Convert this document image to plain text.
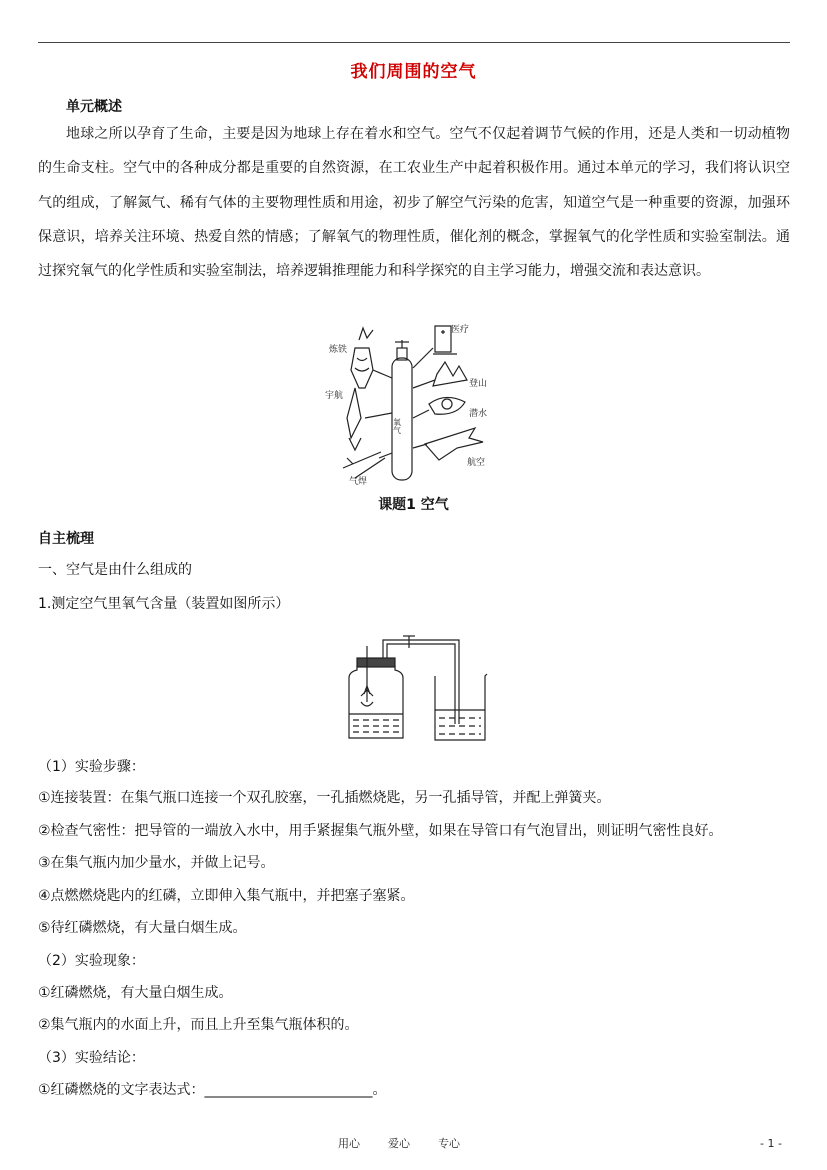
我们周围的空气
单元概述
地球之所以孕育了生命，主要是因为地球上存在着水和空气。空气不仅起着调节气候的作用，还是人类和一切动植物的生命支柱。空气中的各种成分都是重要的自然资源，在工农业生产中起着积极作用。通过本单元的学习，我们将认识空气的组成，了解氮气、稀有气体的主要物理性质和用途，初步了解空气污染的危害，知道空气是一种重要的资源，加强环保意识，培养关注环境、热爱自然的情感；了解氧气的物理性质，催化剂的概念，掌握氧气的化学性质和实验室制法。通过探究氧气的化学性质和实验室制法，培养逻辑推理能力和科学探究的自主学习能力，增强交流和表达意识。
炼铁
医疗
登山
宇航
潜水
航空
气焊
氧气
课题1 空气
自主梳理
一、空气是由什么组成的
1.测定空气里氧气含量（装置如图所示）
（1）实验步骤：
①连接装置：在集气瓶口连接一个双孔胶塞，一孔插燃烧匙，另一孔插导管，并配上弹簧夹。
②检查气密性：把导管的一端放入水中，用手紧握集气瓶外壁，如果在导管口有气泡冒出，则证明气密性良好。
③在集气瓶内加少量水，并做上记号。
④点燃燃烧匙内的红磷，立即伸入集气瓶中，并把塞子塞紧。
⑤待红磷燃烧，有大量白烟生成。
（2）实验现象：
①红磷燃烧，有大量白烟生成。
②集气瓶内的水面上升，而且上升至集气瓶体积的。
（3）实验结论：
①红磷燃烧的文字表达式：________________________。
用心	爱心	专心	- 1 -
